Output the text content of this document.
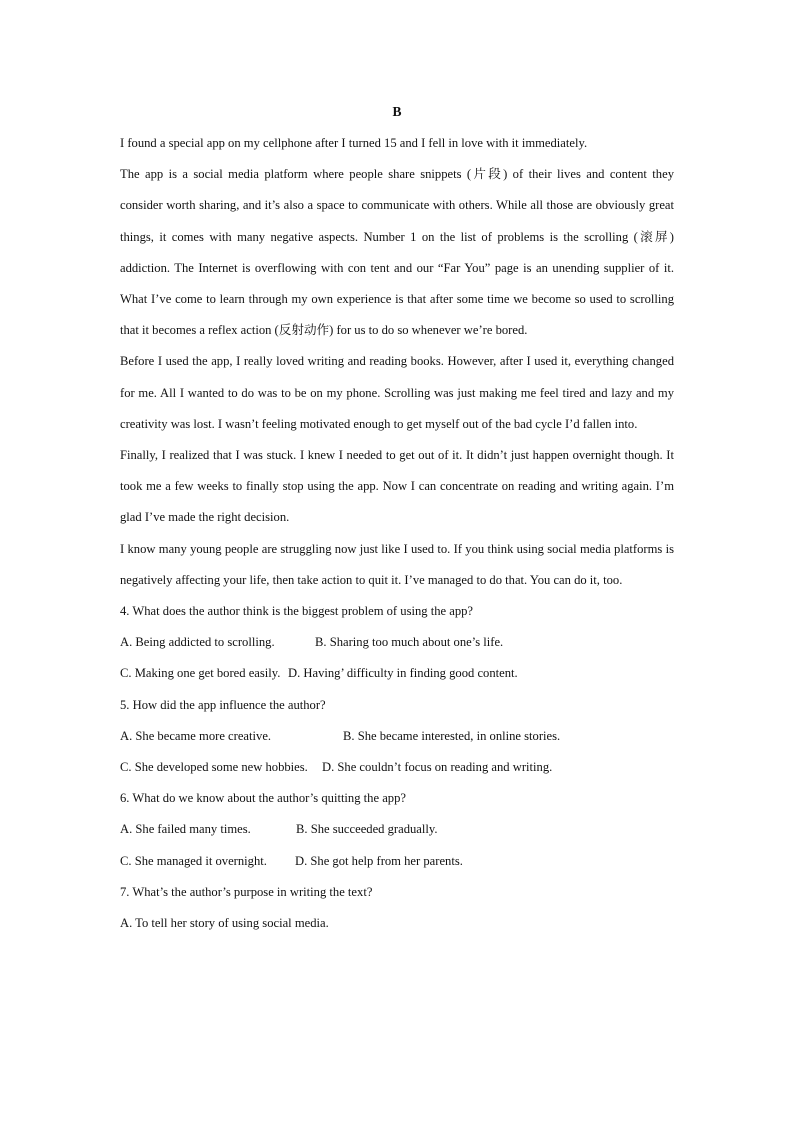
B

I found a special app on my cellphone after I turned 15 and I fell in love with it immediately.

The app is a social media platform where people share snippets (片段) of their lives and content they consider worth sharing, and it’s also a space to communicate with others. While all those are obviously great things, it comes with many negative aspects. Number 1 on the list of problems is the scrolling (滚屏) addiction. The Internet is overflowing with con tent and our “Far You” page is an unending supplier of it. What I’ve come to learn through my own experience is that after some time we become so used to scrolling that it becomes a reflex action (反射动作) for us to do so whenever we’re bored.

Before I used the app, I really loved writing and reading books. However, after I used it, everything changed for me. All I wanted to do was to be on my phone. Scrolling was just making me feel tired and lazy and my creativity was lost. I wasn’t feeling motivated enough to get myself out of the bad cycle I’d fallen into.

Finally, I realized that I was stuck. I knew I needed to get out of it. It didn’t just happen overnight though. It took me a few weeks to finally stop using the app. Now I can concentrate on reading and writing again. I’m glad I’ve made the right decision.

I know many young people are struggling now just like I used to. If you think using social media platforms is negatively affecting your life, then take action to quit it. I’ve managed to do that. You can do it, too.

4. What does the author think is the biggest problem of using the app?

A. Being addicted to scrolling.	B. Sharing too much about one’s life.

C. Making one get bored easily. D. Having’ difficulty in finding good content.

5. How did the app influence the author?

A. She became more creative.	B. She became interested, in online stories.

C. She developed some new hobbies. D. She couldn’t focus on reading and writing.

6. What do we know about the author’s quitting the app?

A. She failed many times.	B. She succeeded gradually.

C. She managed it overnight. D. She got help from her parents.

7. What’s the author’s purpose in writing the text?

A. To tell her story of using social media.
